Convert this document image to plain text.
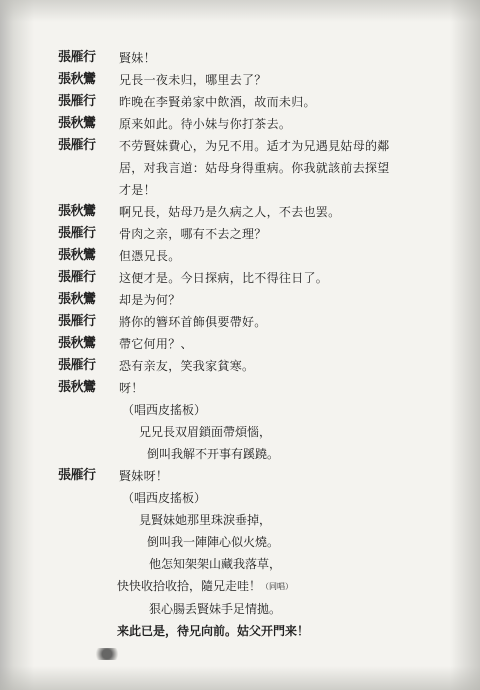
張雁行	賢妹！
張秋鸞	兄長一夜未归，哪里去了？
張雁行	昨晚在李賢弟家中飲酒，故而未归。
張秋鸞	原来如此。待小妹与你打茶去。
張雁行	不劳賢妹費心，为兄不用。适才为兄遇見姑母的鄰
居，对我言道：姑母身得重病。你我就該前去探望
才是！
張秋鸞	啊兄長，姑母乃是久病之人，不去也罢。
張雁行	骨肉之亲，哪有不去之理？
張秋鸞	但憑兄長。
張雁行	这便才是。今日探病，比不得往日了。
張秋鸞	却是为何？
張雁行	將你的簪环首飾俱要帶好。
張秋鸞	帶它何用？、
張雁行	恐有亲友，笑我家貧寒。
張秋鸞	呀！
（唱西皮搖板）
兄兄長双眉鎖面帶煩惱，
倒叫我解不开事有蹊蹺。
張雁行	賢妹呀！
（唱西皮搖板）
見賢妹她那里珠淚垂掉，
倒叫我一陣陣心似火燒。
他怎知架架山藏我落草，
快快收拾收拾，隨兄走哇！（同唱）
狠心腸丢賢妹手足情拋。
来此已是，待兄向前。姑父开門来！
